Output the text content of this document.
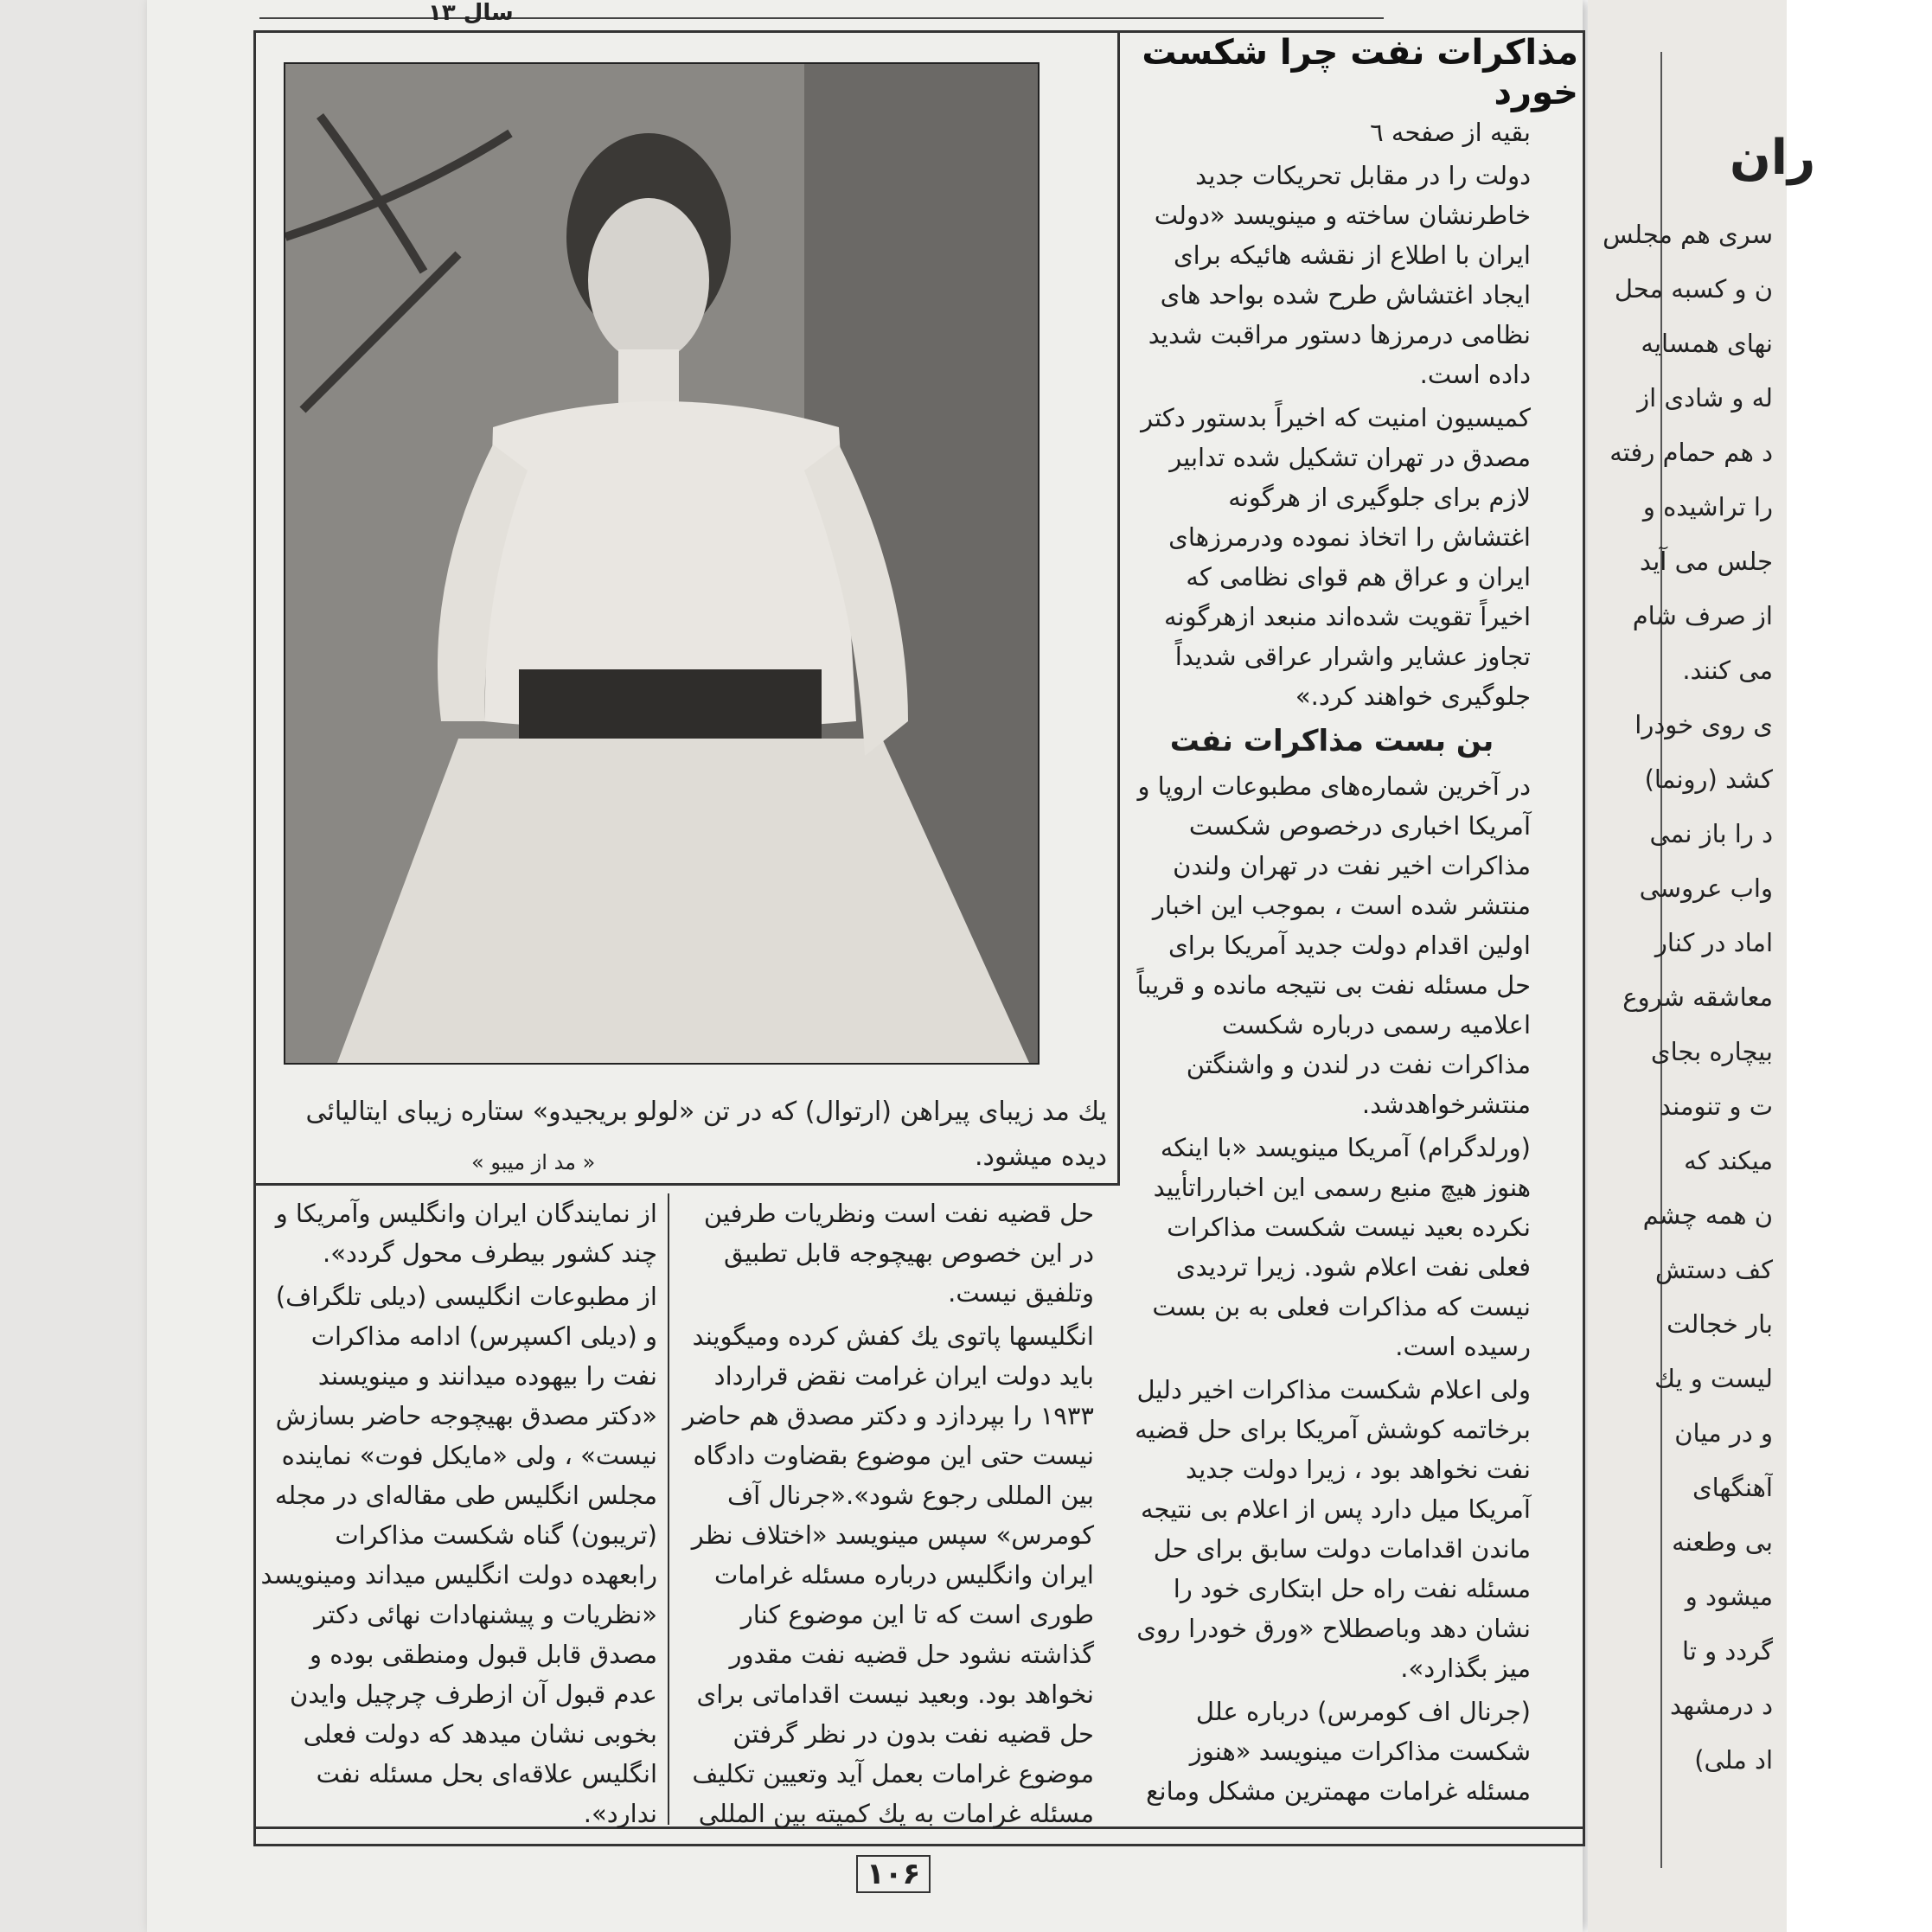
سال ۱۳
مذاکرات نفت چرا شکست خورد

بقیه از صفحه ٦

دولت را در مقابل تحریکات جدید خاطرنشان ساخته و مینویسد «دولت ایران با اطلاع از نقشه هائیکه برای ایجاد اغتشاش طرح شده بواحد های نظامی درمرزها دستور مراقبت شدید داده است.

کمیسیون امنیت که اخیراً بدستور دکتر مصدق در تهران تشکیل شده تدابیر لازم برای جلوگیری از هرگونه اغتشاش را اتخاذ نموده ودرمرزهای ایران و عراق هم قوای نظامی که اخیراً تقویت شده‌اند منبعد ازهرگونه تجاوز عشایر واشرار عراقی شدیداً جلوگیری خواهند کرد.»

بن بست مذاکرات نفت

در آخرین شماره‌های مطبوعات اروپا و آمریکا اخباری درخصوص شکست مذاکرات اخیر نفت در تهران ولندن منتشر شده است ، بموجب این اخبار اولین اقدام دولت جدید آمریکا برای حل مسئله نفت بی نتیجه مانده و قریباً اعلامیه رسمی درباره شکست مذاکرات نفت در لندن و واشنگتن منتشرخواهدشد.

(ورلدگرام) آمریکا مینویسد «با اینکه هنوز هیچ منبع رسمی این اخبارراتأیید نکرده بعید نیست شکست مذاکرات فعلی نفت اعلام شود. زیرا تردیدی نیست که مذاکرات فعلی به بن بست رسیده است.

ولی اعلام شکست مذاکرات اخیر دلیل برخاتمه کوشش آمریکا برای حل قضیه نفت نخواهد بود ، زیرا دولت جدید آمریکا میل دارد پس از اعلام بی نتیجه ماندن اقدامات دولت سابق برای حل مسئله نفت راه حل ابتکاری خود را نشان دهد وباصطلاح «ورق خودرا روی میز بگذارد».

(جرنال اف کومرس) درباره علل شکست مذاکرات مینویسد «هنوز مسئله غرامات مهمترین مشکل ومانع

یك مد زیبای پیراهن (ارتوال) که در تن «لولو بریجیدو» ستاره زیبای ایتالیائی دیده میشود.
« مد از میبو »

حل قضیه نفت است ونظریات طرفین در این خصوص بهیچوجه قابل تطبیق وتلفیق نیست.

انگلیسها پاتوی یك کفش کرده ومیگویند باید دولت ایران غرامت نقض قرارداد ۱۹۳۳ را بپردازد و دکتر مصدق هم حاضر نیست حتی این موضوع بقضاوت دادگاه بین المللی رجوع شود».«جرنال آف کومرس» سپس مینویسد «اختلاف نظر ایران وانگلیس درباره مسئله غرامات طوری است که تا این موضوع کنار گذاشته نشود حل قضیه نفت مقدور نخواهد بود. وبعید نیست اقداماتی برای حل قضیه نفت بدون در نظر گرفتن موضوع غرامات بعمل آید وتعیین تکلیف مسئله غرامات به یك کمیته بین المللی

از نمایندگان ایران وانگلیس وآمریکا و چند کشور بیطرف محول گردد».

از مطبوعات انگلیسی (دیلی تلگراف) و (دیلی اکسپرس) ادامه مذاکرات نفت را بیهوده میدانند و مینویسند «دکتر مصدق بهیچوجه حاضر بسازش نیست» ، ولی «مایکل فوت» نماینده مجلس انگلیس طی مقاله‌ای در مجله (تریبون) گناه شکست مذاکرات رابعهده دولت انگلیس میداند ومینویسد «نظریات و پیشنهادات نهائی دکتر مصدق قابل قبول ومنطقی بوده و عدم قبول آن ازطرف چرچیل وایدن بخوبی نشان میدهد که دولت فعلی انگلیس علاقه‌ای بحل مسئله نفت ندارد».

ران
سری هم مجلس
ن و کسبه محل
نهای همسایه
له و شادی از
د هم حمام رفته
را تراشیده و
جلس می آید
از صرف شام
می کنند.
ی روی خودرا
کشد (رونما)
د را باز نمی
واب عروسی
اماد در کنار
معاشقه شروع
بیچاره بجای
ت و تنومند
میکند که
ن همه چشم
کف دستش
بار خجالت
لیست و یك
و در میان
آهنگهای
بی وطعنه
میشود و
گردد و تا
د درمشهد
اد ملی)
۱۰۶
